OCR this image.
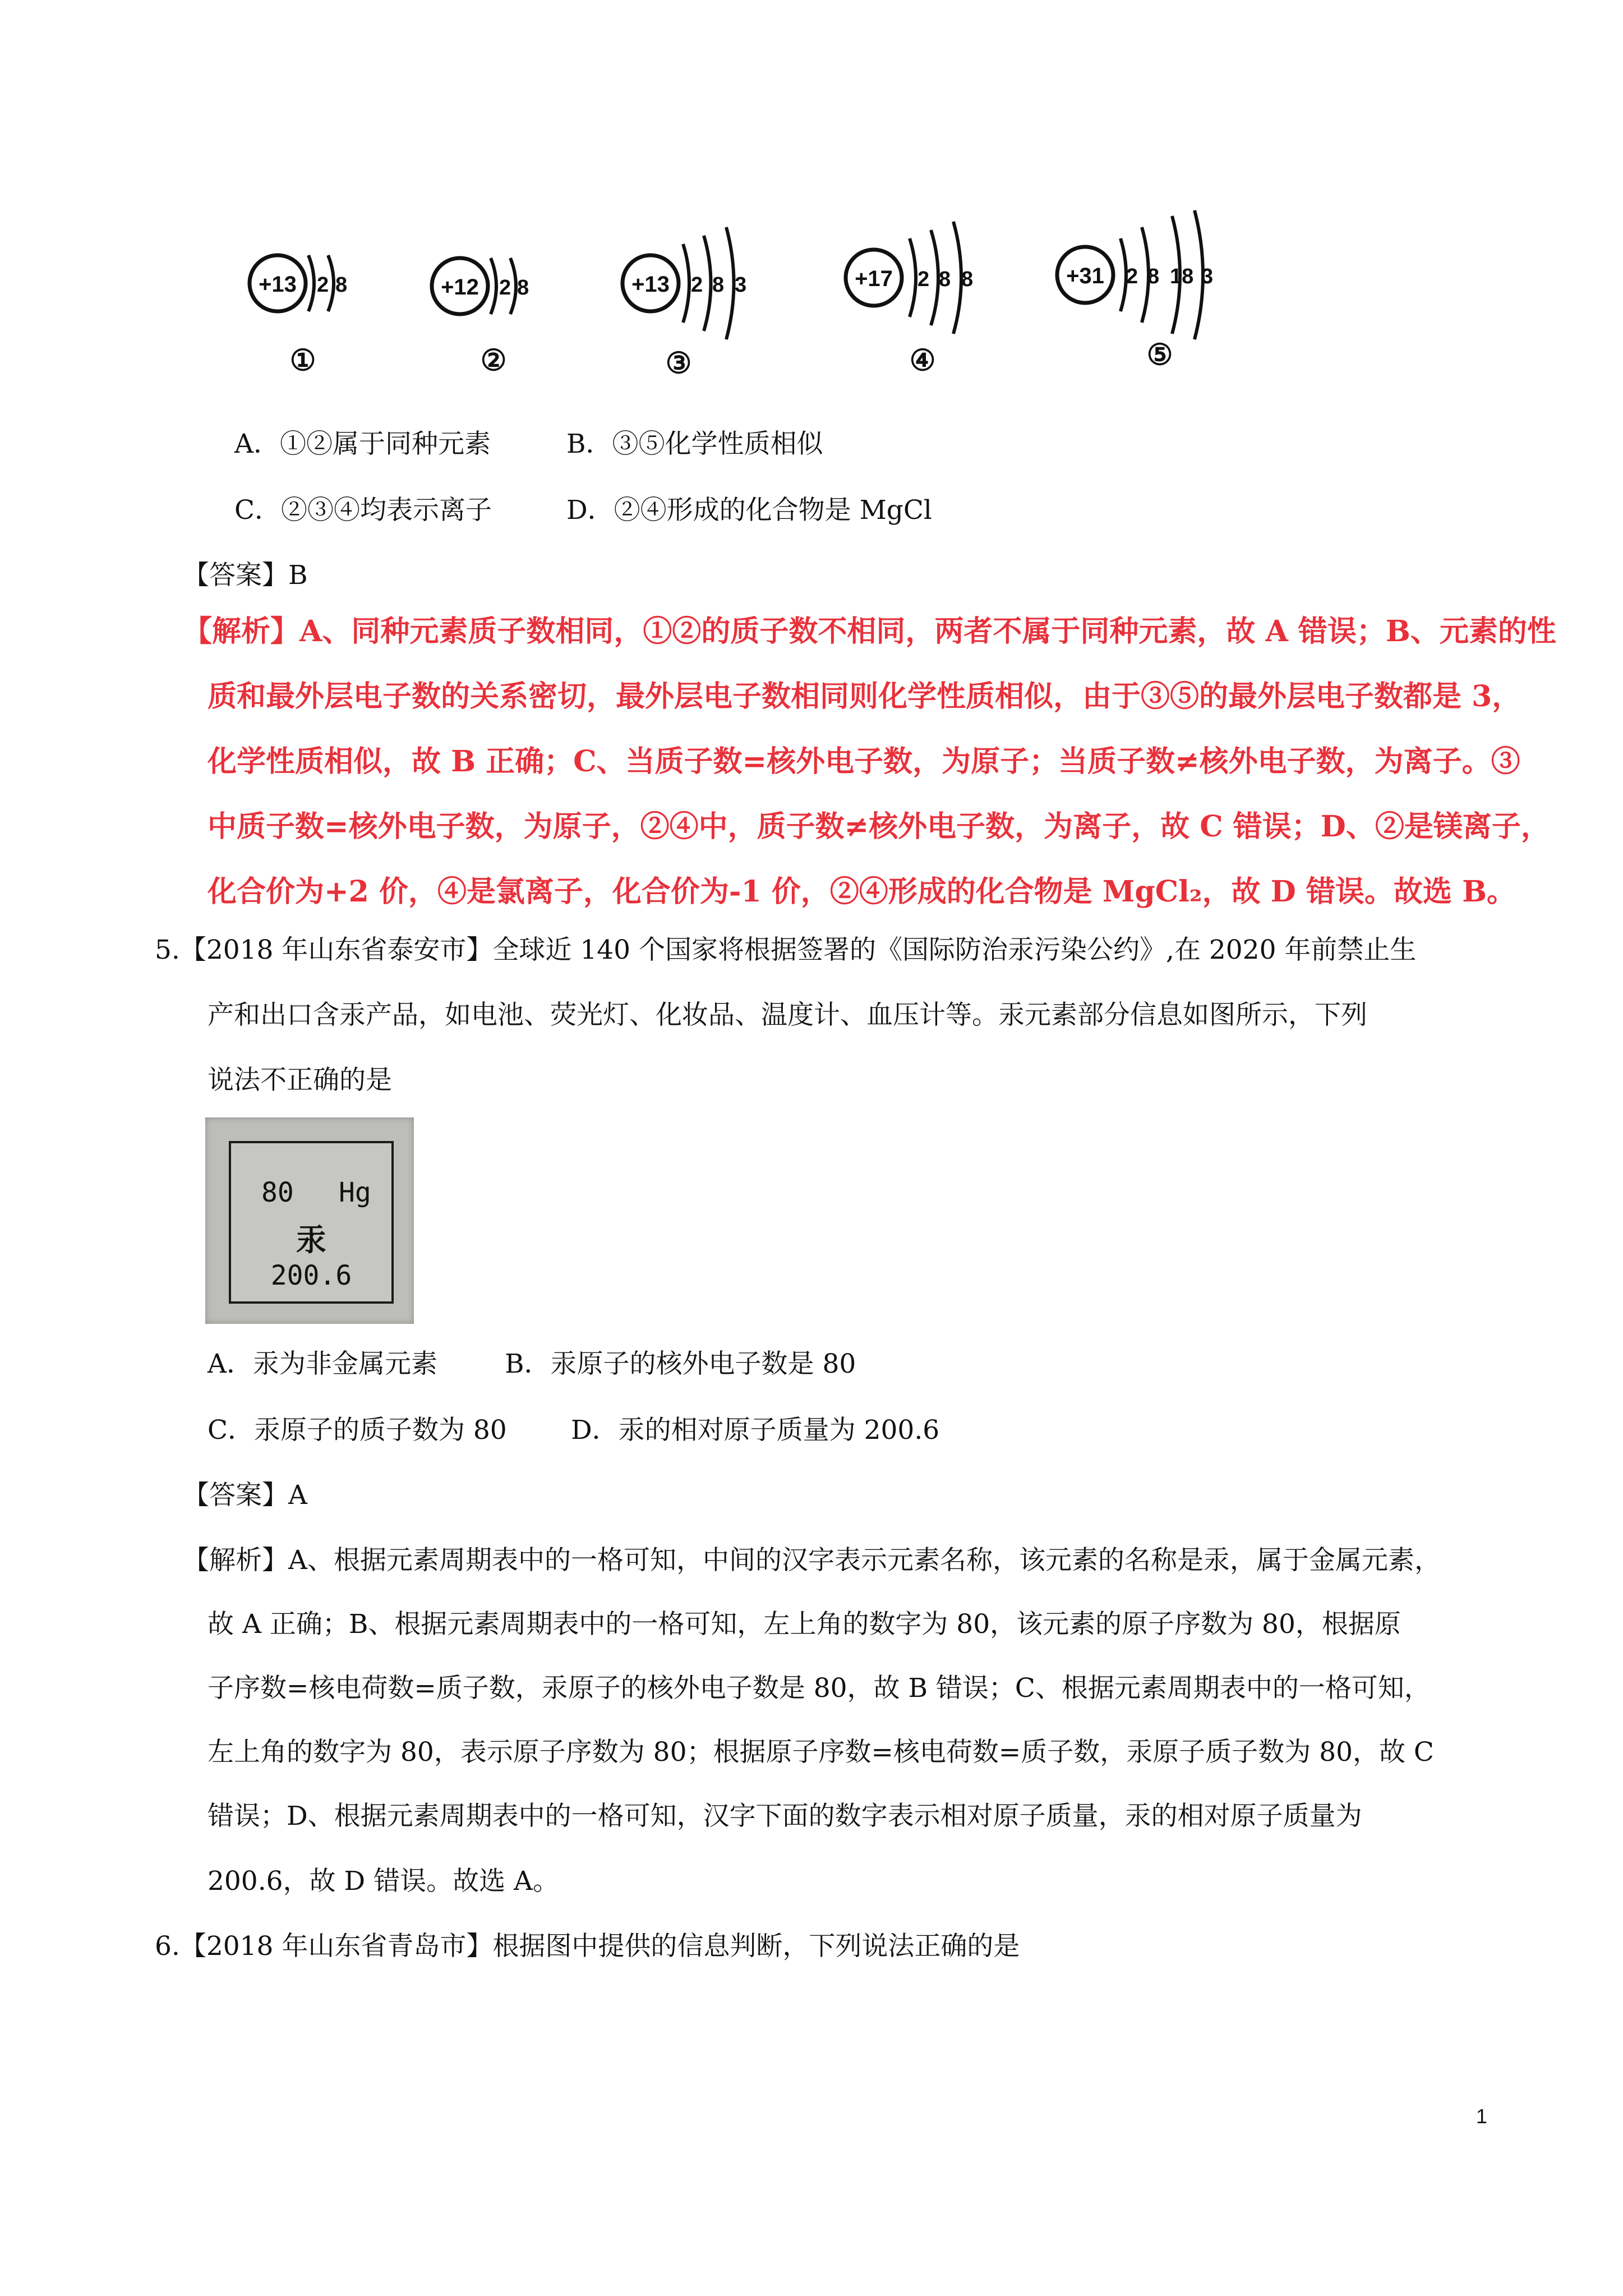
+13 2 8
①
+12 2 8
②
+13 2 8 3
③
+17 2 8 8
④
+31 2 8 18 3
⑤
A．①②属于同种元素	B．③⑤化学性质相似
C．②③④均表示离子	D．②④形成的化合物是 MgCl
【答案】B
【解析】A、同种元素质子数相同，①②的质子数不相同，两者不属于同种元素，故 A 错误；B、元素的性
质和最外层电子数的关系密切，最外层电子数相同则化学性质相似，由于③⑤的最外层电子数都是 3，
化学性质相似，故 B 正确；C、当质子数=核外电子数，为原子；当质子数≠核外电子数，为离子。③
中质子数=核外电子数，为原子，②④中，质子数≠核外电子数，为离子，故 C 错误；D、②是镁离子，
化合价为+2 价，④是氯离子，化合价为-1 价，②④形成的化合物是 MgCl₂，故 D 错误。故选 B。
5.【2018 年山东省泰安市】全球近 140 个国家将根据签署的《国际防治汞污染公约》,在 2020 年前禁止生
产和出口含汞产品，如电池、荧光灯、化妆品、温度计、血压计等。汞元素部分信息如图所示，下列
说法不正确的是
80 Hg
汞
200.6
A．汞为非金属元素	B．汞原子的核外电子数是 80
C．汞原子的质子数为 80 D．汞的相对原子质量为 200.6
【答案】A
【解析】A、根据元素周期表中的一格可知，中间的汉字表示元素名称，该元素的名称是汞，属于金属元素，
故 A 正确；B、根据元素周期表中的一格可知，左上角的数字为 80，该元素的原子序数为 80，根据原
子序数=核电荷数=质子数，汞原子的核外电子数是 80，故 B 错误；C、根据元素周期表中的一格可知，
左上角的数字为 80，表示原子序数为 80；根据原子序数=核电荷数=质子数，汞原子质子数为 80，故 C
错误；D、根据元素周期表中的一格可知，汉字下面的数字表示相对原子质量，汞的相对原子质量为
200.6，故 D 错误。故选 A。
6.【2018 年山东省青岛市】根据图中提供的信息判断，下列说法正确的是
1
